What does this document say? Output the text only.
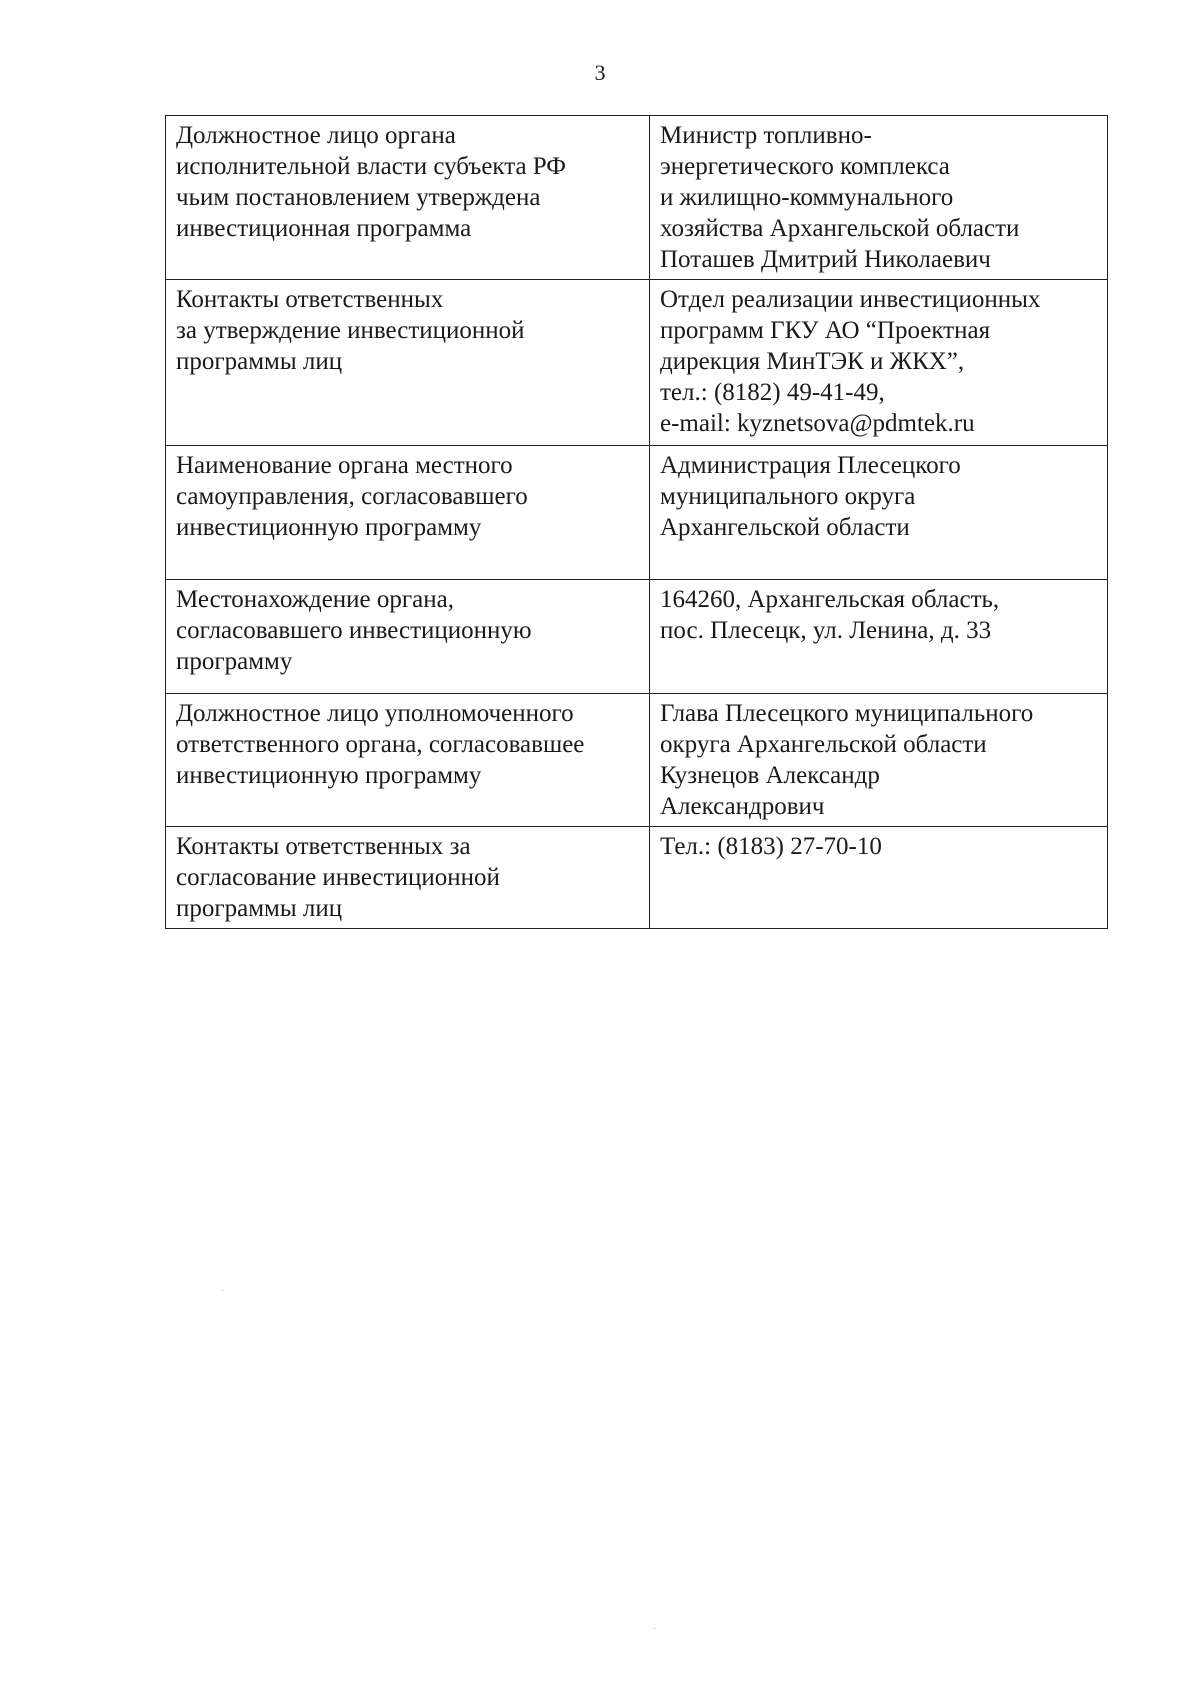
3
Должностное лицо органа
исполнительной власти субъекта РФ
чьим постановлением утверждена
инвестиционная программа	Министр топливно-
энергетического комплекса
и жилищно-коммунального
хозяйства Архангельской области
Поташев Дмитрий Николаевич

Контакты ответственных
за утверждение инвестиционной
программы лиц	Отдел реализации инвестиционных
программ ГКУ АО “Проектная
дирекция МинТЭК и ЖКХ”,
тел.: (8182) 49-41-49,
e-mail: kyznetsova@pdmtek.ru

Наименование органа местного
самоуправления, согласовавшего
инвестиционную программу	Администрация Плесецкого
муниципального округа
Архангельской области

Местонахождение органа,
согласовавшего инвестиционную
программу	164260, Архангельская область,
пос. Плесецк, ул. Ленина, д. 33

Должностное лицо уполномоченного
ответственного органа, согласовавшее
инвестиционную программу	Глава Плесецкого муниципального
округа Архангельской области
Кузнецов Александр
Александрович

Контакты ответственных за
согласование инвестиционной
программы лиц	Тел.: (8183) 27-70-10
